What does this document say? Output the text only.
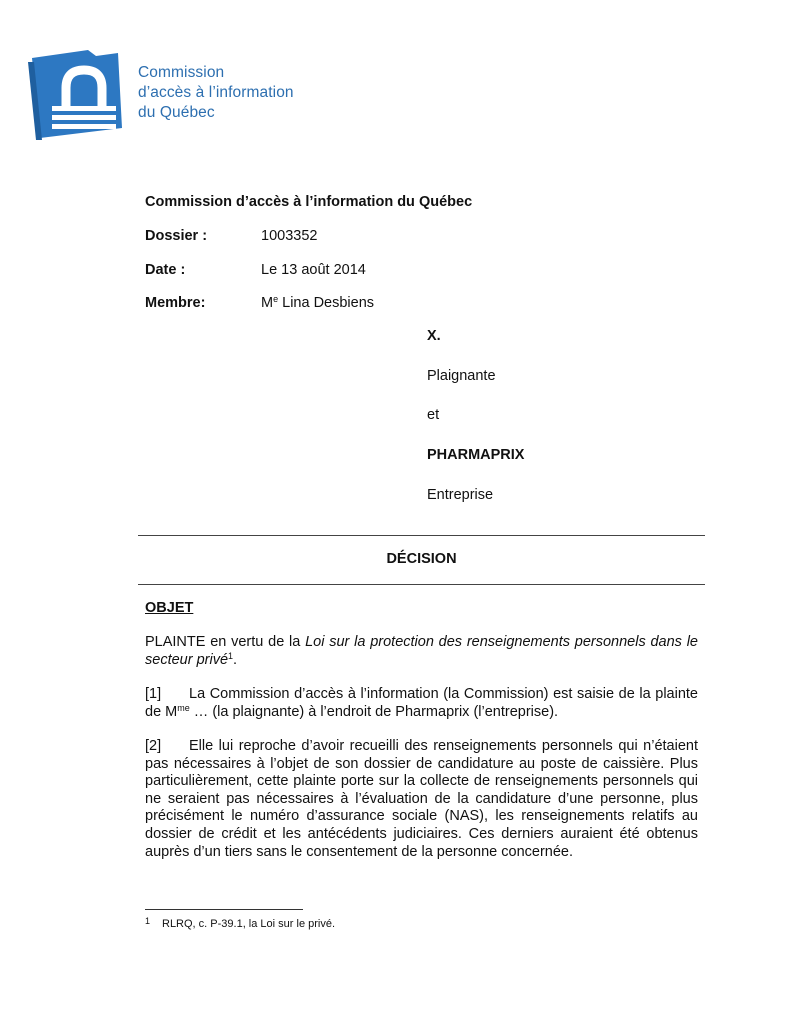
Commission
d’accès à l’information
du Québec
Commission d’accès à l’information du Québec
Dossier :	1003352
Date :	Le 13 août 2014
Membre:	Me Lina Desbiens
X.
Plaignante
et
PHARMAPRIX
Entreprise
DÉCISION
OBJET
PLAINTE en vertu de la Loi sur la protection des renseignements personnels dans le secteur privé$^1$.
[1] La Commission d’accès à l’information (la Commission) est saisie de la plainte de $M^{me}$ … (la plaignante) à l’endroit de Pharmaprix (l’entreprise).
[2] Elle lui reproche d’avoir recueilli des renseignements personnels qui n’étaient pas nécessaires à l’objet de son dossier de candidature au poste de caissière. Plus particulièrement, cette plainte porte sur la collecte de renseignements personnels qui ne seraient pas nécessaires à l’évaluation de la candidature d’une personne, plus précisément le numéro d’assurance sociale (NAS), les renseignements relatifs au dossier de crédit et les antécédents judiciaires. Ces derniers auraient été obtenus auprès d’un tiers sans le consentement de la personne concernée.
1 RLRQ, c. P-39.1, la Loi sur le privé.
